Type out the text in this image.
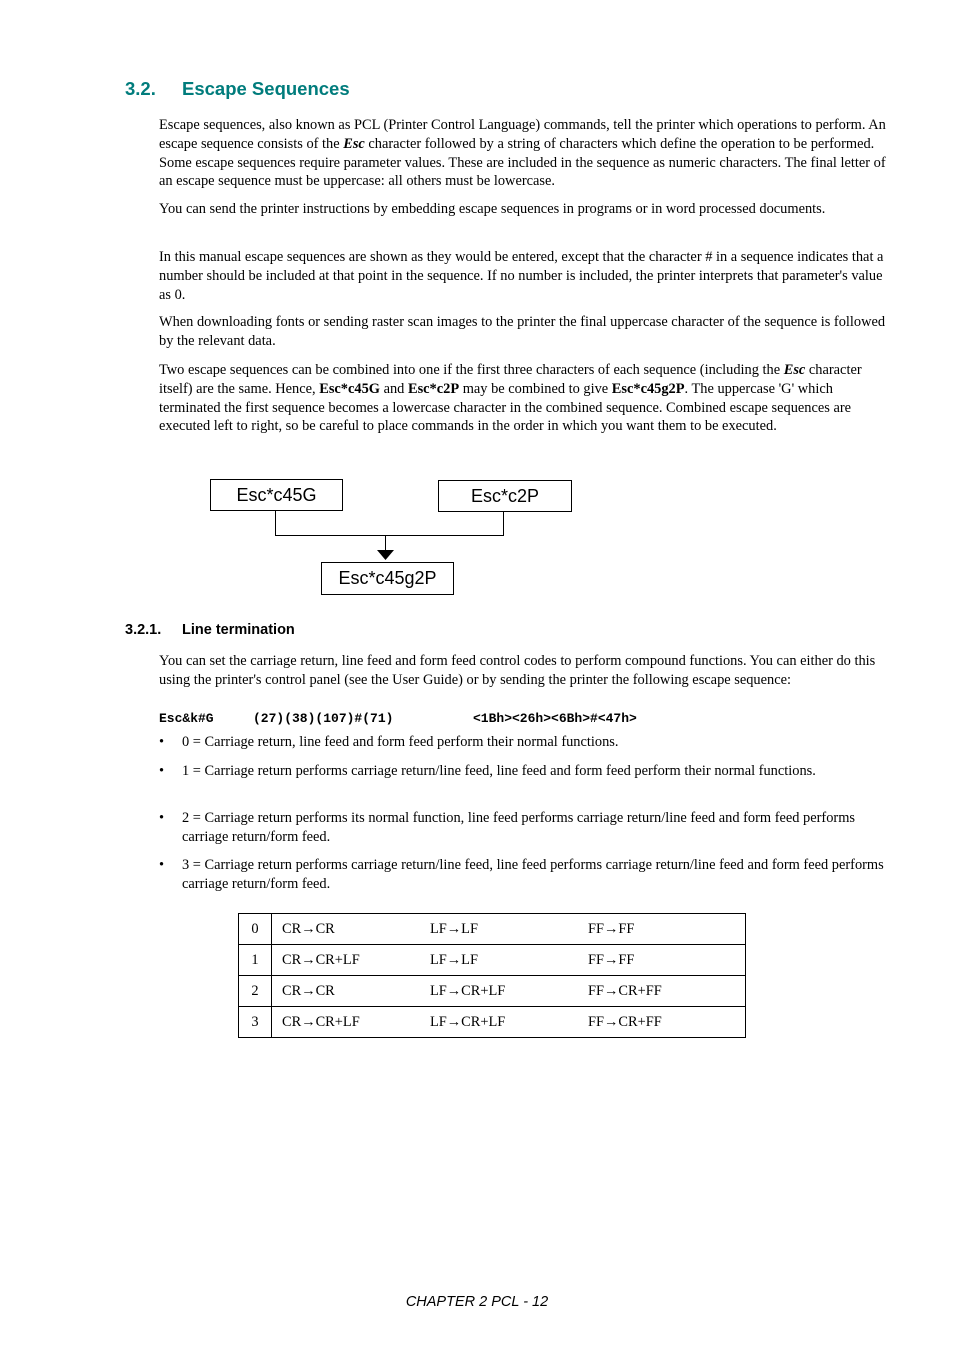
3.2. Escape Sequences

Escape sequences, also known as PCL (Printer Control Language) commands, tell the printer which operations to perform. An escape sequence consists of the Esc character followed by a string of characters which define the operation to be performed. Some escape sequences require parameter values. These are included in the sequence as numeric characters. The final letter of an escape sequence must be uppercase: all others must be lowercase.

You can send the printer instructions by embedding escape sequences in programs or in word processed documents.

In this manual escape sequences are shown as they would be entered, except that the character # in a sequence indicates that a number should be included at that point in the sequence. If no number is included, the printer interprets that parameter's value as 0.

When downloading fonts or sending raster scan images to the printer the final uppercase character of the sequence is followed by the relevant data.

Two escape sequences can be combined into one if the first three characters of each sequence (including the Esc character itself) are the same. Hence, Esc*c45G and Esc*c2P may be combined to give Esc*c45g2P. The uppercase 'G' which terminated the first sequence becomes a lowercase character in the combined sequence. Combined escape sequences are executed left to right, so be careful to place commands in the order in which you want them to be executed.

Esc*c45G	Esc*c2P
Esc*c45g2P
3.2.1. Line termination

You can set the carriage return, line feed and form feed control codes to perform compound functions. You can either do this using the printer's control panel (see the User Guide) or by sending the printer the following escape sequence:

Esc&k#G

	(27)(38)(107)#(71)

	<1Bh><26h><6Bh>#<47h>

• 0 = Carriage return, line feed and form feed perform their normal functions.
• 1 = Carriage return performs carriage return/line feed, line feed and form feed perform their normal functions.
• 2 = Carriage return performs its normal function, line feed performs carriage return/line feed and form feed performs carriage return/form feed.
• 3 = Carriage return performs carriage return/line feed, line feed performs carriage return/line feed and form feed performs carriage return/form feed.
0	CR→CR	LF→LF	FF→FF
1	CR→CR+LF	LF→LF	FF→FF
2	CR→CR	LF→CR+LF	FF→CR+FF
3	CR→CR+LF	LF→CR+LF	FF→CR+FF
CHAPTER 2 PCL - 12
